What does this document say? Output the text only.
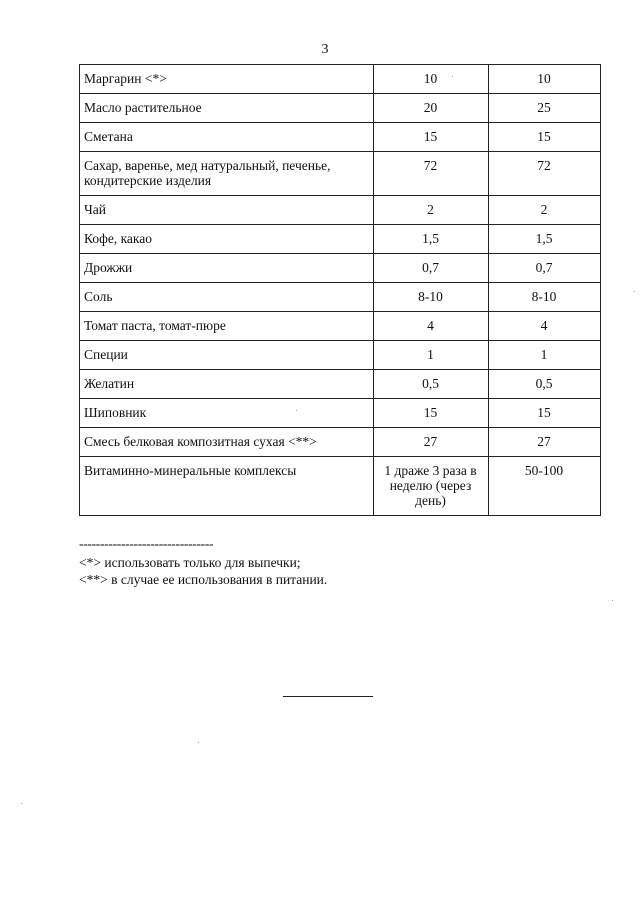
3
Маргарин <*>	10	10
Масло растительное	20	25
Сметана	15	15
Сахар, варенье, мед натуральный, печенье, кондитерские изделия	72	72
Чай	2	2
Кофе, какао	1,5	1,5
Дрожжи	0,7	0,7
Соль	8-10	8-10
Томат паста, томат-пюре	4	4
Специи	1	1
Желатин	0,5	0,5
Шиповник	15	15
Смесь белковая композитная сухая <**>	27	27
Витаминно-минеральные комплексы	1 драже 3 раза в неделю (через день)	50-100
--------------------------------
<*> использовать только для выпечки;
<**> в случае ее использования в питании.
